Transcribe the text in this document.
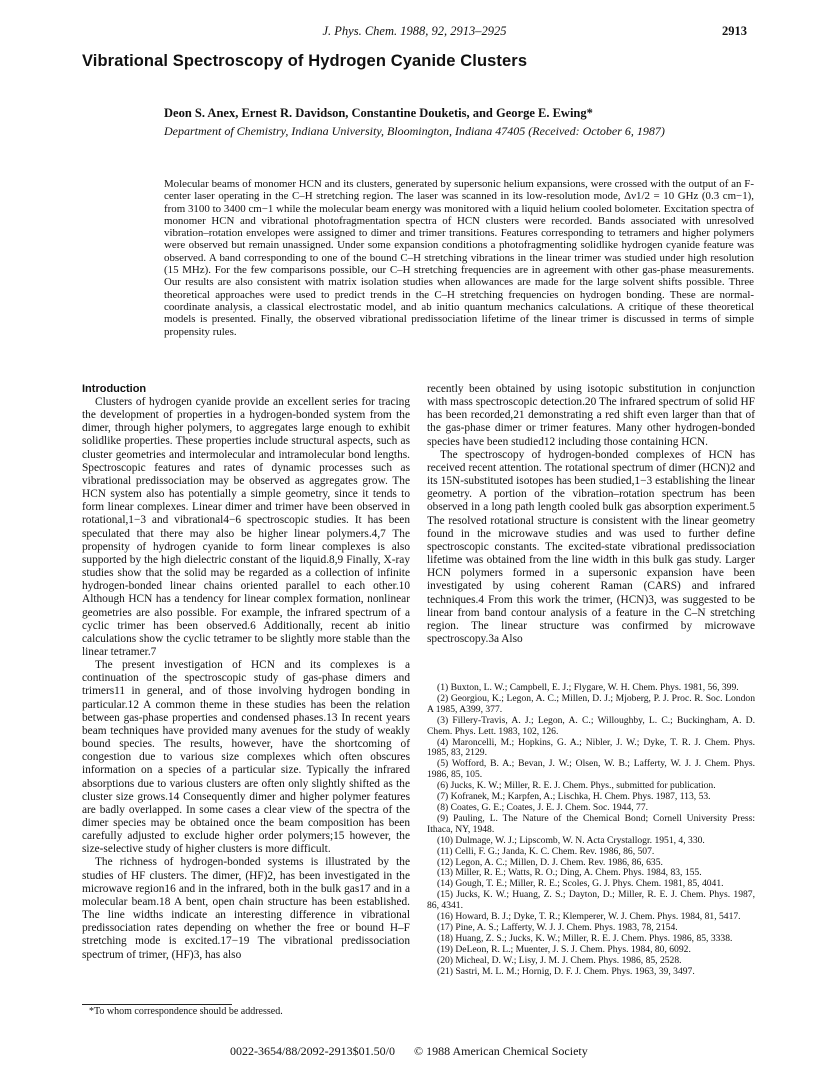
J. Phys. Chem. 1988, 92, 2913–2925	2913
Vibrational Spectroscopy of Hydrogen Cyanide Clusters
Deon S. Anex, Ernest R. Davidson, Constantine Douketis, and George E. Ewing*
Department of Chemistry, Indiana University, Bloomington, Indiana 47405 (Received: October 6, 1987)

Molecular beams of monomer HCN and its clusters, generated by supersonic helium expansions, were crossed with the output of an F-center laser operating in the C–H stretching region. The laser was scanned in its low-resolution mode, Δν1/2 = 10 GHz (0.3 cm−1), from 3100 to 3400 cm−1 while the molecular beam energy was monitored with a liquid helium cooled bolometer. Excitation spectra of monomer HCN and vibrational photofragmentation spectra of HCN clusters were recorded. Bands associated with unresolved vibration–rotation envelopes were assigned to dimer and trimer transitions. Features corresponding to tetramers and higher polymers were observed but remain unassigned. Under some expansion conditions a photofragmenting solidlike hydrogen cyanide feature was observed. A band corresponding to one of the bound C–H stretching vibrations in the linear trimer was studied under high resolution (15 MHz). For the few comparisons possible, our C–H stretching frequencies are in agreement with other gas-phase measurements. Our results are also consistent with matrix isolation studies when allowances are made for the large solvent shifts possible. Three theoretical approaches were used to predict trends in the C–H stretching frequencies on hydrogen bonding. These are normal-coordinate analysis, a classical electrostatic model, and ab initio quantum mechanics calculations. A critique of these theoretical models is presented. Finally, the observed vibrational predissociation lifetime of the linear trimer is discussed in terms of simple propensity rules.

Introduction

Clusters of hydrogen cyanide provide an excellent series for tracing the development of properties in a hydrogen-bonded system from the dimer, through higher polymers, to aggregates large enough to exhibit solidlike properties. These properties include structural aspects, such as cluster geometries and intermolecular and intramolecular bond lengths. Spectroscopic features and rates of dynamic processes such as vibrational predissociation may be observed as aggregates grow. The HCN system also has potentially a simple geometry, since it tends to form linear complexes. Linear dimer and trimer have been observed in rotational,1−3 and vibrational4−6 spectroscopic studies. It has been speculated that there may also be higher linear polymers.4,7 The propensity of hydrogen cyanide to form linear complexes is also supported by the high dielectric constant of the liquid.8,9 Finally, X-ray studies show that the solid may be regarded as a collection of infinite hydrogen-bonded linear chains oriented parallel to each other.10 Although HCN has a tendency for linear complex formation, nonlinear geometries are also possible. For example, the infrared spectrum of a cyclic trimer has been observed.6 Additionally, recent ab initio calculations show the cyclic tetramer to be slightly more stable than the linear tetramer.7

The present investigation of HCN and its complexes is a continuation of the spectroscopic study of gas-phase dimers and trimers11 in general, and of those involving hydrogen bonding in particular.12 A common theme in these studies has been the relation between gas-phase properties and condensed phases.13 In recent years beam techniques have provided many avenues for the study of weakly bound species. The results, however, have the shortcoming of congestion due to various size complexes which often obscures information on a species of a particular size. Typically the infrared absorptions due to various clusters are often only slightly shifted as the cluster size grows.14 Consequently dimer and higher polymer features are badly overlapped. In some cases a clear view of the spectra of the dimer species may be obtained once the beam composition has been carefully adjusted to exclude higher order polymers;15 however, the size-selective study of higher clusters is more difficult.

The richness of hydrogen-bonded systems is illustrated by the studies of HF clusters. The dimer, (HF)2, has been investigated in the microwave region16 and in the infrared, both in the bulk gas17 and in a molecular beam.18 A bent, open chain structure has been established. The line widths indicate an interesting difference in vibrational predissociation rates depending on whether the free or bound H–F stretching mode is excited.17−19 The vibrational predissociation spectrum of trimer, (HF)3, has also

recently been obtained by using isotopic substitution in conjunction with mass spectroscopic detection.20 The infrared spectrum of solid HF has been recorded,21 demonstrating a red shift even larger than that of the gas-phase dimer or trimer features. Many other hydrogen-bonded species have been studied12 including those containing HCN.

The spectroscopy of hydrogen-bonded complexes of HCN has received recent attention. The rotational spectrum of dimer (HCN)2 and its 15N-substituted isotopes has been studied,1−3 establishing the linear geometry. A portion of the vibration–rotation spectrum has been observed in a long path length cooled bulk gas absorption experiment.5 The resolved rotational structure is consistent with the linear geometry found in the microwave studies and was used to further define spectroscopic constants. The excited-state vibrational predissociation lifetime was obtained from the line width in this bulk gas study. Larger HCN polymers formed in a supersonic expansion have been investigated by using coherent Raman (CARS) and infrared techniques.4 From this work the trimer, (HCN)3, was suggested to be linear from band contour analysis of a feature in the C–N stretching region. The linear structure was confirmed by microwave spectroscopy.3a Also

(1) Buxton, L. W.; Campbell, E. J.; Flygare, W. H. Chem. Phys. 1981, 56, 399.

(2) Georgiou, K.; Legon, A. C.; Millen, D. J.; Mjoberg, P. J. Proc. R. Soc. London A 1985, A399, 377.

(3) Fillery-Travis, A. J.; Legon, A. C.; Willoughby, L. C.; Buckingham, A. D. Chem. Phys. Lett. 1983, 102, 126.

(4) Maroncelli, M.; Hopkins, G. A.; Nibler, J. W.; Dyke, T. R. J. Chem. Phys. 1985, 83, 2129.

(5) Wofford, B. A.; Bevan, J. W.; Olsen, W. B.; Lafferty, W. J. J. Chem. Phys. 1986, 85, 105.

(6) Jucks, K. W.; Miller, R. E. J. Chem. Phys., submitted for publication.

(7) Kofranek, M.; Karpfen, A.; Lischka, H. Chem. Phys. 1987, 113, 53.

(8) Coates, G. E.; Coates, J. E. J. Chem. Soc. 1944, 77.

(9) Pauling, L. The Nature of the Chemical Bond; Cornell University Press: Ithaca, NY, 1948.

(10) Dulmage, W. J.; Lipscomb, W. N. Acta Crystallogr. 1951, 4, 330.

(11) Celli, F. G.; Janda, K. C. Chem. Rev. 1986, 86, 507.

(12) Legon, A. C.; Millen, D. J. Chem. Rev. 1986, 86, 635.

(13) Miller, R. E.; Watts, R. O.; Ding, A. Chem. Phys. 1984, 83, 155.

(14) Gough, T. E.; Miller, R. E.; Scoles, G. J. Phys. Chem. 1981, 85, 4041.

(15) Jucks, K. W.; Huang, Z. S.; Dayton, D.; Miller, R. E. J. Chem. Phys. 1987, 86, 4341.

(16) Howard, B. J.; Dyke, T. R.; Klemperer, W. J. Chem. Phys. 1984, 81, 5417.

(17) Pine, A. S.; Lafferty, W. J. J. Chem. Phys. 1983, 78, 2154.

(18) Huang, Z. S.; Jucks, K. W.; Miller, R. E. J. Chem. Phys. 1986, 85, 3338.

(19) DeLeon, R. L.; Muenter, J. S. J. Chem. Phys. 1984, 80, 6092.

(20) Micheal, D. W.; Lisy, J. M. J. Chem. Phys. 1986, 85, 2528.

(21) Sastri, M. L. M.; Hornig, D. F. J. Chem. Phys. 1963, 39, 3497.

*To whom correspondence should be addressed.
0022-3654/88/2092-2913$01.50/0 © 1988 American Chemical Society
